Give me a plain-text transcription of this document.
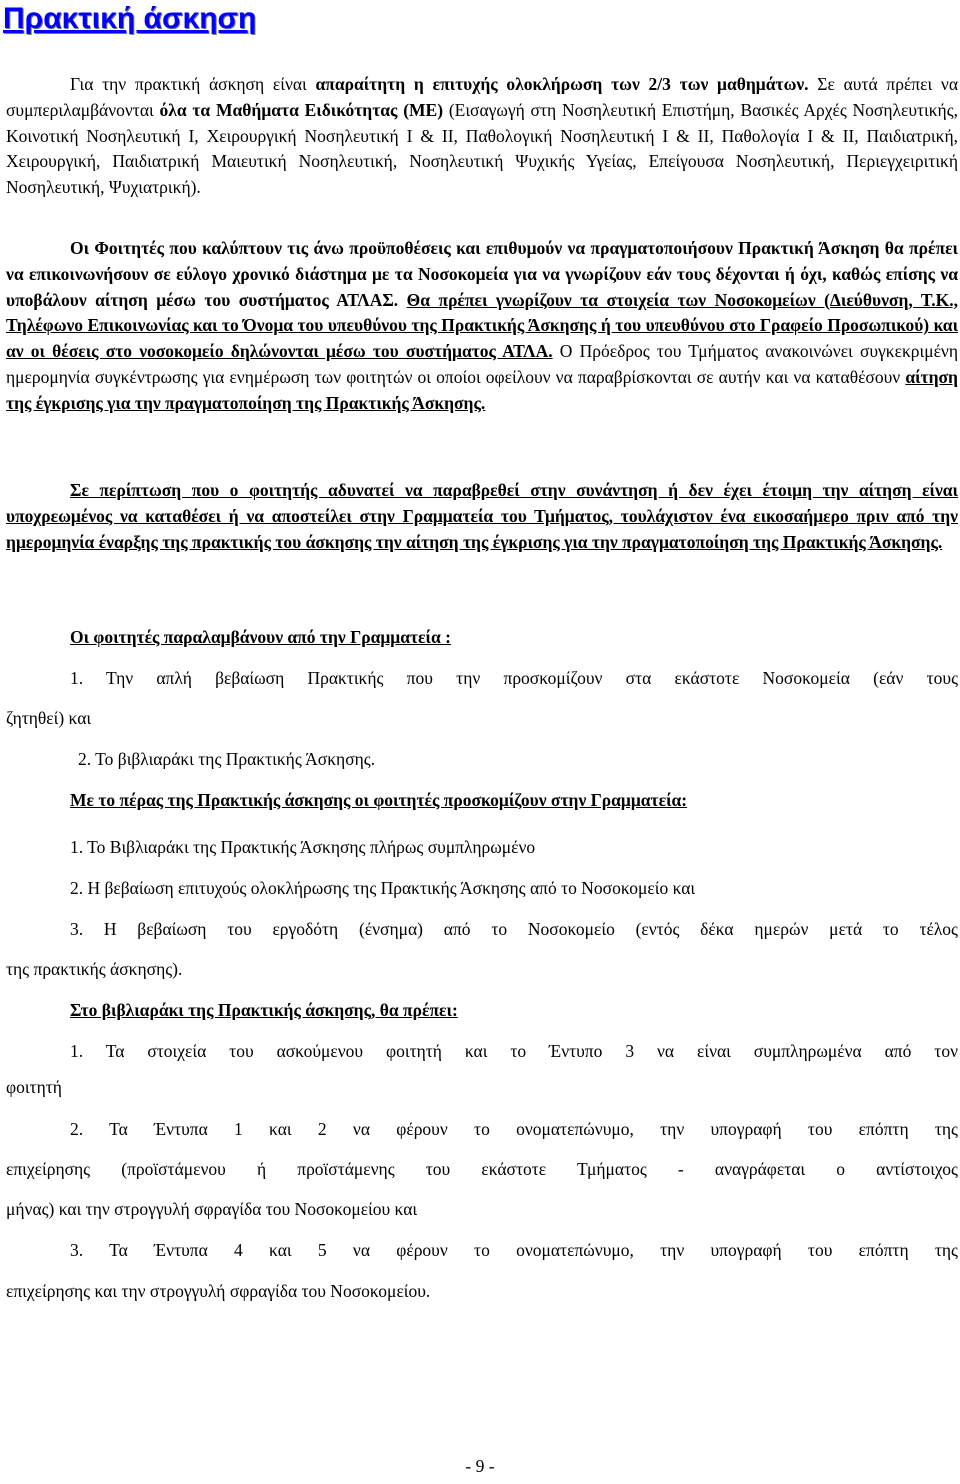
Πρακτική άσκηση
Για την πρακτική άσκηση είναι απαραίτητη η επιτυχής ολοκλήρωση των 2/3 των μαθημάτων. Σε αυτά πρέπει να συμπεριλαμβάνονται όλα τα Μαθήματα Ειδικότητας (ΜΕ) (Εισαγωγή στη Νοσηλευτική Επιστήμη, Βασικές Αρχές Νοσηλευτικής, Κοινοτική Νοσηλευτική Ι, Χειρουργική Νοσηλευτική Ι & ΙΙ, Παθολογική Νοσηλευτική Ι & ΙΙ, Παθολογία Ι & ΙΙ, Παιδιατρική, Χειρουργική, Παιδιατρική Μαιευτική Νοσηλευτική, Νοσηλευτική Ψυχικής Υγείας, Επείγουσα Νοσηλευτική, Περιεγχειριτική Νοσηλευτική, Ψυχιατρική).
Οι Φοιτητές που καλύπτουν τις άνω προϋποθέσεις και επιθυμούν να πραγματοποιήσουν Πρακτική Άσκηση θα πρέπει να επικοινωνήσουν σε εύλογο χρονικό διάστημα με τα Νοσοκομεία για να γνωρίζουν εάν τους δέχονται ή όχι, καθώς επίσης να υποβάλουν αίτηση μέσω του συστήματος ΑΤΛΑΣ. Θα πρέπει γνωρίζουν τα στοιχεία των Νοσοκομείων (Διεύθυνση, Τ.Κ., Τηλέφωνο Επικοινωνίας και το Όνομα του υπευθύνου της Πρακτικής Άσκησης ή του υπευθύνου στο Γραφείο Προσωπικού) και αν οι θέσεις στο νοσοκομείο δηλώνονται μέσω του συστήματος ΑΤΛΑ. Ο Πρόεδρος του Τμήματος ανακοινώνει συγκεκριμένη ημερομηνία συγκέντρωσης για ενημέρωση των φοιτητών οι οποίοι οφείλουν να παραβρίσκονται σε αυτήν και να καταθέσουν αίτηση της έγκρισης για την πραγματοποίηση της Πρακτικής Άσκησης.
Σε περίπτωση που ο φοιτητής αδυνατεί να παραβρεθεί στην συνάντηση ή δεν έχει έτοιμη την αίτηση είναι υποχρεωμένος να καταθέσει ή να αποστείλει στην Γραμματεία του Τμήματος, τουλάχιστον ένα εικοσαήμερο πριν από την ημερομηνία έναρξης της πρακτικής του άσκησης την αίτηση της έγκρισης για την πραγματοποίηση της Πρακτικής Άσκησης.
Οι φοιτητές παραλαμβάνουν από την Γραμματεία :
1. Την απλή βεβαίωση Πρακτικής που την προσκομίζουν στα εκάστοτε Νοσοκομεία (εάν τους
ζητηθεί) και
2. Το βιβλιαράκι της Πρακτικής Άσκησης.
Με το πέρας της Πρακτικής άσκησης οι φοιτητές προσκομίζουν στην Γραμματεία:
1. Το Βιβλιαράκι της Πρακτικής Άσκησης πλήρως συμπληρωμένο
2. Η βεβαίωση επιτυχούς ολοκλήρωσης της Πρακτικής Άσκησης από το Νοσοκομείο και
3. Η βεβαίωση του εργοδότη (ένσημα) από το Νοσοκομείο (εντός δέκα ημερών μετά το τέλος
της πρακτικής άσκησης).
Στο βιβλιαράκι της Πρακτικής άσκησης, θα πρέπει:
1. Τα στοιχεία του ασκούμενου φοιτητή και το Έντυπο 3 να είναι συμπληρωμένα από τον
φοιτητή
2. Τα Έντυπα 1 και 2 να φέρουν το ονοματεπώνυμο, την υπογραφή του επόπτη της
επιχείρησης (προϊστάμενου ή προϊστάμενης του εκάστοτε Τμήματος - αναγράφεται ο αντίστοιχος
μήνας) και την στρογγυλή σφραγίδα του Νοσοκομείου και
3. Τα Έντυπα 4 και 5 να φέρουν το ονοματεπώνυμο, την υπογραφή του επόπτη της
επιχείρησης και την στρογγυλή σφραγίδα του Νοσοκομείου.
- 9 -
